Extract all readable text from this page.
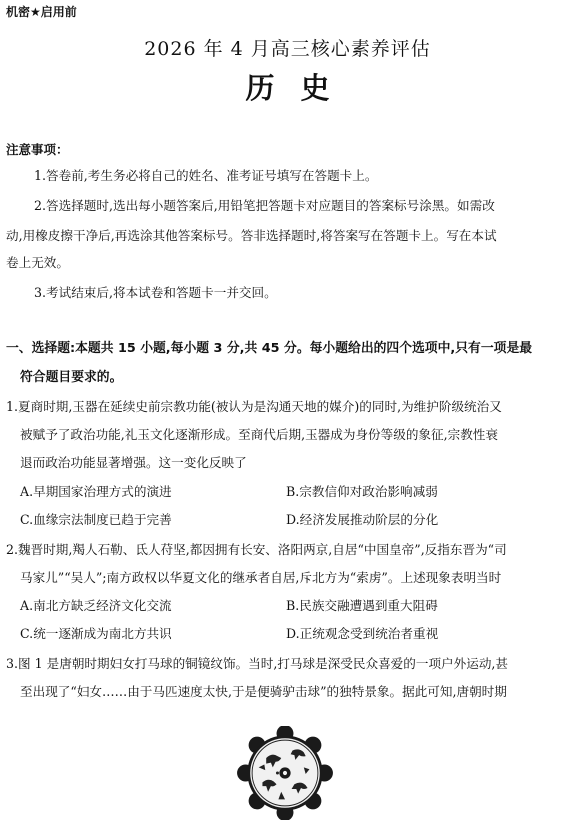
机密★启用前
2026 年 4 月高三核心素养评估
历史
注意事项：
1.答卷前,考生务必将自己的姓名、准考证号填写在答题卡上。
2.答选择题时,选出每小题答案后,用铅笔把答题卡对应题目的答案标号涂黑。如需改
动,用橡皮擦干净后,再选涂其他答案标号。答非选择题时,将答案写在答题卡上。写在本试
卷上无效。
3.考试结束后,将本试卷和答题卡一并交回。
一、选择题:本题共 15 小题,每小题 3 分,共 45 分。每小题给出的四个选项中,只有一项是最
符合题目要求的。
1.夏商时期,玉器在延续史前宗教功能(被认为是沟通天地的媒介)的同时,为维护阶级统治又
被赋予了政治功能,礼玉文化逐渐形成。至商代后期,玉器成为身份等级的象征,宗教性衰
退而政治功能显著增强。这一变化反映了
A.早期国家治理方式的演进	B.宗教信仰对政治影响减弱
C.血缘宗法制度已趋于完善	D.经济发展推动阶层的分化
2.魏晋时期,羯人石勒、氐人苻坚,都因拥有长安、洛阳两京,自居“中国皇帝”,反指东晋为“司
马家儿”“吴人”;南方政权以华夏文化的继承者自居,斥北方为“索虏”。上述现象表明当时
A.南北方缺乏经济文化交流	B.民族交融遭遇到重大阻碍
C.统一逐渐成为南北方共识	D.正统观念受到统治者重视
3.图 1 是唐朝时期妇女打马球的铜镜纹饰。当时,打马球是深受民众喜爱的一项户外运动,甚
至出现了“妇女……由于马匹速度太快,于是便骑驴击球”的独特景象。据此可知,唐朝时期
